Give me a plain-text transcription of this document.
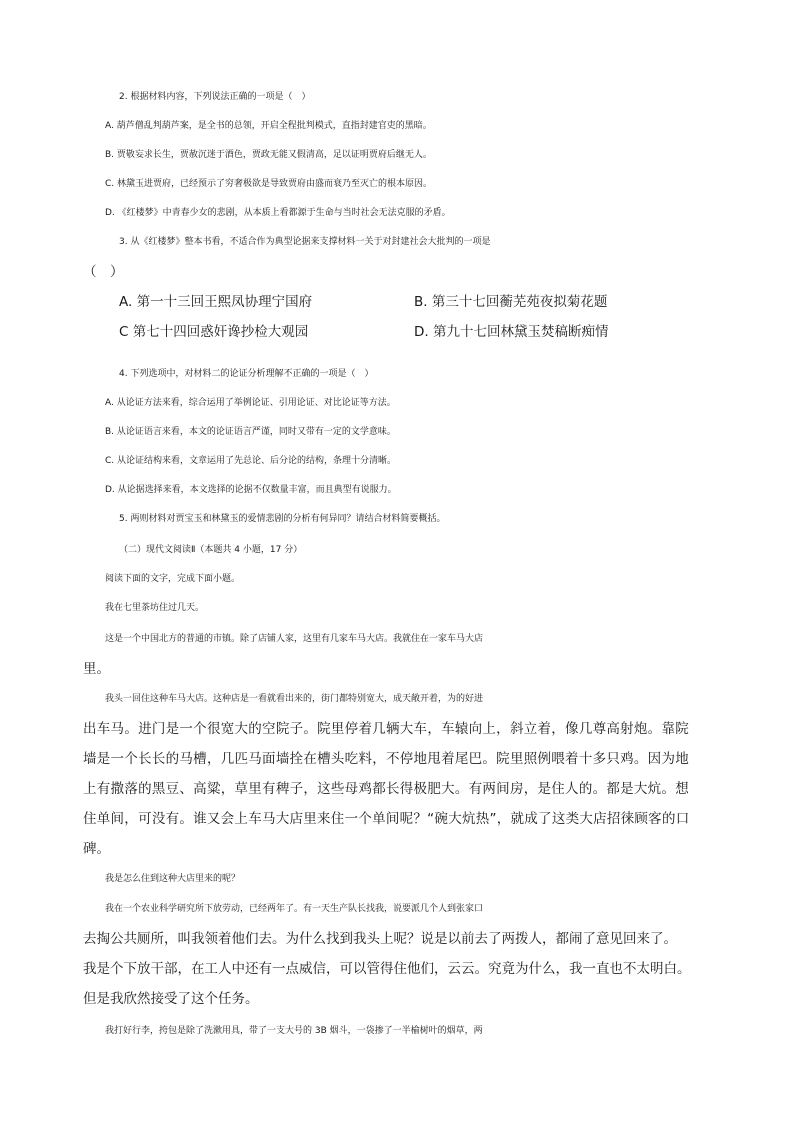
2. 根据材料内容，下列说法正确的一项是（　）
A. 葫芦僧乱判葫芦案，是全书的总领，开启全程批判模式，直指封建官吏的黑暗。
B. 贾敬妄求长生，贾赦沉迷于酒色，贾政无能又假清高，足以证明贾府后继无人。
C. 林黛玉进贾府，已经预示了穷奢极欲是导致贾府由盛而衰乃至灭亡的根本原因。
D. 《红楼梦》中青春少女的悲剧，从本质上看都源于生命与当时社会无法克服的矛盾。
3. 从《红楼梦》整本书看，不适合作为典型论据来支撑材料一关于对封建社会大批判的一项是
（　）
A. 第一十三回王熙凤协理宁国府	B. 第三十七回蘅芜苑夜拟菊花题
C 第七十四回惑奸谗抄检大观园	D. 第九十七回林黛玉焚稿断痴情
4. 下列选项中，对材料二的论证分析理解不正确的一项是（　）
A. 从论证方法来看，综合运用了举例论证、引用论证、对比论证等方法。
B. 从论证语言来看，本文的论证语言严谨，同时又带有一定的文学意味。
C. 从论证结构来看，文章运用了先总论、后分论的结构，条理十分清晰。
D. 从论据选择来看，本文选择的论据不仅数量丰富，而且典型有说服力。
5. 两则材料对贾宝玉和林黛玉的爱情悲剧的分析有何异同？请结合材料简要概括。
（二）现代文阅读Ⅱ（本题共 4 小题，17 分）
阅读下面的文字，完成下面小题。
我在七里茶坊住过几天。
这是一个中国北方的普通的市镇。除了店铺人家，这里有几家车马大店。我就住在一家车马大店
里。
我头一回住这种车马大店。这种店是一看就看出来的，街门都特别宽大，成天敞开着，为的好进
出车马。进门是一个很宽大的空院子。院里停着几辆大车，车辕向上，斜立着，像几尊高射炮。靠院
墙是一个长长的马槽，几匹马面墙拴在槽头吃料，不停地甩着尾巴。院里照例喂着十多只鸡。因为地
上有撒落的黑豆、高粱，草里有稗子，这些母鸡都长得极肥大。有两间房，是住人的。都是大炕。想
住单间，可没有。谁又会上车马大店里来住一个单间呢？“碗大炕热”，就成了这类大店招徕顾客的口
碑。
我是怎么住到这种大店里来的呢？
我在一个农业科学研究所下放劳动，已经两年了。有一天生产队长找我，说要派几个人到张家口
去掏公共厕所，叫我领着他们去。为什么找到我头上呢？说是以前去了两拨人，都闹了意见回来了。
我是个下放干部，在工人中还有一点威信，可以管得住他们，云云。究竟为什么，我一直也不太明白。
但是我欣然接受了这个任务。
我打好行李，挎包是除了洗漱用具，带了一支大号的 3B 烟斗，一袋掺了一半榆树叶的烟草，两
